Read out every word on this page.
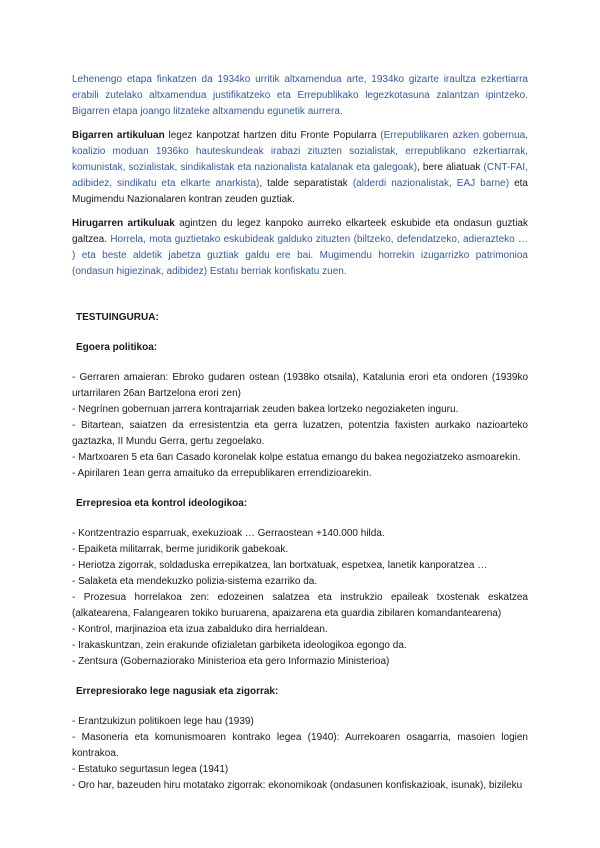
Lehenengo etapa finkatzen da 1934ko urritik altxamendua arte, 1934ko gizarte iraultza ezkertiarra erabili zutelako altxamendua justifikatzeko eta Errepublikako legezkotasuna zalantzan ipintzeko. Bigarren etapa joango litzateke altxamendu egunetik aurrera.

Bigarren artikuluan legez kanpotzat hartzen ditu Fronte Popularra (Errepublikaren azken gobernua, koalizio moduan 1936ko hauteskundeak irabazi zituzten sozialistak, errepublikano ezkertiarrak, komunistak, sozialistak, sindikalistak eta nazionalista katalanak eta galegoak), bere aliatuak (CNT-FAI, adibidez, sindikatu eta elkarte anarkista), talde separatistak (alderdi nazionalistak, EAJ barne) eta Mugimendu Nazionalaren kontran zeuden guztiak.

Hirugarren artikuluak agintzen du legez kanpoko aurreko elkarteek eskubide eta ondasun guztiak galtzea. Horrela, mota guztietako eskubideak galduko zituzten (biltzeko, defendatzeko, adierazteko … ) eta beste aldetik jabetza guztiak galdu ere bai. Mugimendu horrekin izugarrizko patrimonioa (ondasun higiezinak, adibidez) Estatu berriak konfiskatu zuen.

TESTUINGURUA:

Egoera politikoa:

- Gerraren amaieran: Ebroko gudaren ostean (1938ko otsaila), Katalunia erori eta ondoren (1939ko urtarrilaren 26an Bartzelona erori zen)

- Negrínen gobernuan jarrera kontrajarriak zeuden bakea lortzeko negoziaketen inguru.

- Bitartean, saiatzen da erresistentzia eta gerra luzatzen, potentzia faxisten aurkako nazioarteko gaztazka, II Mundu Gerra, gertu zegoelako.

- Martxoaren 5 eta 6an Casado koronelak kolpe estatua emango du bakea negoziatzeko asmoarekin.

- Apirilaren 1ean gerra amaituko da errepublikaren errendizioarekin.

Errepresioa eta kontrol ideologikoa:

- Kontzentrazio esparruak, exekuzioak … Gerraostean +140.000 hilda.

- Epaiketa militarrak, berme juridikorik gabekoak.

- Heriotza zigorrak, soldaduska errepikatzea, lan bortxatuak, espetxea, lanetik kanporatzea …

- Salaketa eta mendekuzko polizia-sistema ezarriko da.

- Prozesua horrelakoa zen: edozeinen salatzea eta instrukzio epaileak txostenak eskatzea (alkatearena, Falangearen tokiko buruarena, apaizarena eta guardia zibilaren komandantearena)

- Kontrol, marjinazioa eta izua zabalduko dira herrialdean.

- Irakaskuntzan, zein erakunde ofizialetan garbiketa ideologikoa egongo da.

- Zentsura (Gobernaziorako Ministerioa eta gero Informazio Ministerioa)

Errepresiorako lege nagusiak eta zigorrak:

- Erantzukizun politikoen lege hau (1939)

- Masoneria eta komunismoaren kontrako legea (1940): Aurrekoaren osagarria, masoien logien kontrakoa.

- Estatuko segurtasun legea (1941)

- Oro har, bazeuden hiru motatako zigorrak: ekonomikoak (ondasunen konfiskazioak, isunak), bizileku
